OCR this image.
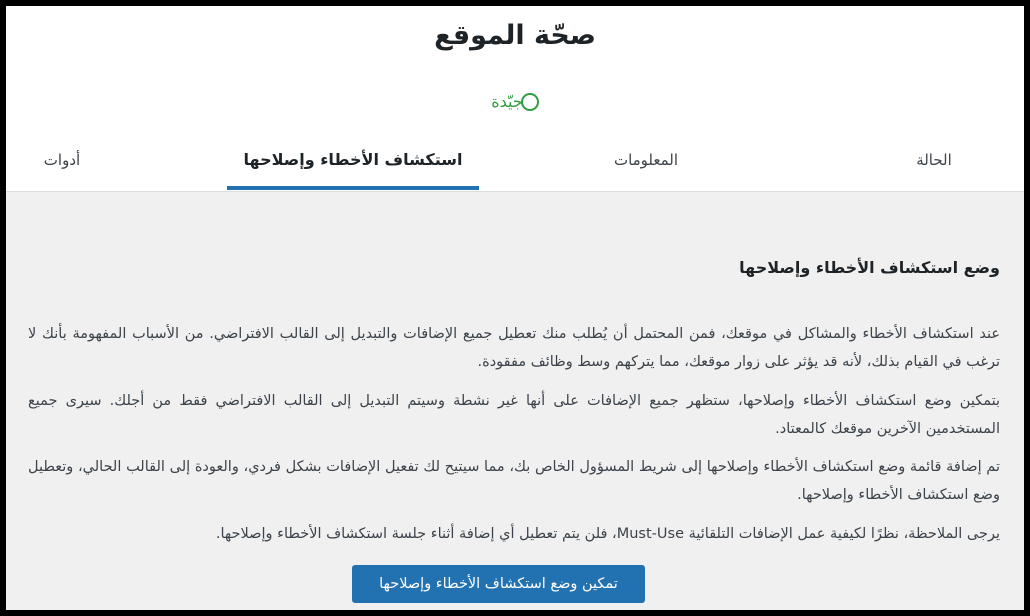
صحّة الموقع
جيّدة
الحالة
المعلومات
استكشاف الأخطاء وإصلاحها
أدوات
وضع استكشاف الأخطاء وإصلاحها

عند استكشاف الأخطاء والمشاكل في موقعك، فمن المحتمل أن يُطلب منك تعطيل جميع الإضافات والتبديل إلى القالب الافتراضي. من الأسباب المفهومة بأنك لا ترغب في القيام بذلك، لأنه قد يؤثر على زوار موقعك، مما يتركهم وسط وظائف مفقودة.

بتمكين وضع استكشاف الأخطاء وإصلاحها، ستظهر جميع الإضافات على أنها غير نشطة وسيتم التبديل إلى القالب الافتراضي فقط من أجلك. سيرى جميع المستخدمين الآخرين موقعك كالمعتاد.

تم إضافة قائمة وضع استكشاف الأخطاء وإصلاحها إلى شريط المسؤول الخاص بك، مما سيتيح لك تفعيل الإضافات بشكل فردي، والعودة إلى القالب الحالي، وتعطيل وضع استكشاف الأخطاء وإصلاحها.

يرجى الملاحظة، نظرًا لكيفية عمل الإضافات التلقائية Must-Use، فلن يتم تعطيل أي إضافة أثناء جلسة استكشاف الأخطاء وإصلاحها.

تمكين وضع استكشاف الأخطاء وإصلاحها
